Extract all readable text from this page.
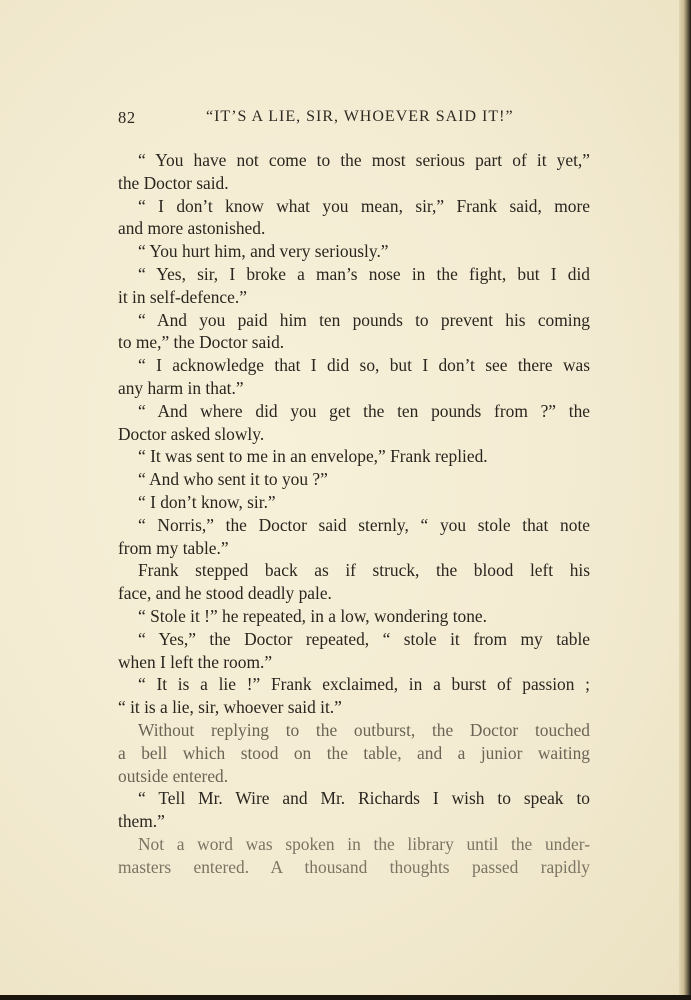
82	“IT’S A LIE, SIR, WHOEVER SAID IT!”
“ You have not come to the most serious part of it yet,”
the Doctor said.
“ I don’t know what you mean, sir,” Frank said, more
and more astonished.
“ You hurt him, and very seriously.”
“ Yes, sir, I broke a man’s nose in the fight, but I did
it in self-defence.”
“ And you paid him ten pounds to prevent his coming
to me,” the Doctor said.
“ I acknowledge that I did so, but I don’t see there was
any harm in that.”
“ And where did you get the ten pounds from ?” the
Doctor asked slowly.
“ It was sent to me in an envelope,” Frank replied.
“ And who sent it to you ?”
“ I don’t know, sir.”
“ Norris,” the Doctor said sternly, “ you stole that note
from my table.”
Frank stepped back as if struck, the blood left his
face, and he stood deadly pale.
“ Stole it !” he repeated, in a low, wondering tone.
“ Yes,” the Doctor repeated, “ stole it from my table
when I left the room.”
“ It is a lie !” Frank exclaimed, in a burst of passion ;
“ it is a lie, sir, whoever said it.”
Without replying to the outburst, the Doctor touched
a bell which stood on the table, and a junior waiting
outside entered.
“ Tell Mr. Wire and Mr. Richards I wish to speak to
them.”
Not a word was spoken in the library until the under-
masters entered. A thousand thoughts passed rapidly
